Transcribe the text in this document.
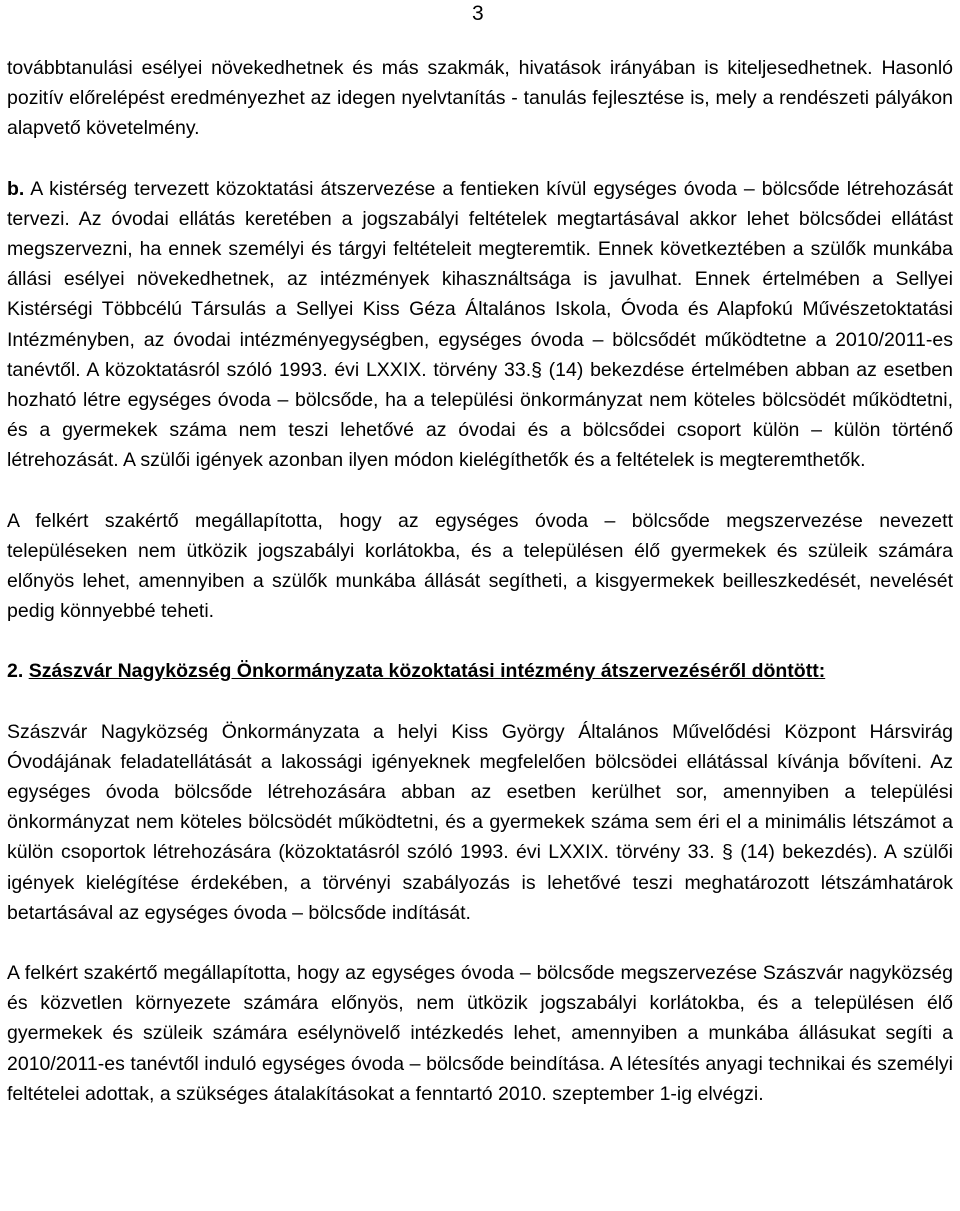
3

továbbtanulási esélyei növekedhetnek és más szakmák, hivatások irányában is kiteljesedhetnek. Hasonló pozitív előrelépést eredményezhet az idegen nyelvtanítás - tanulás fejlesztése is, mely a rendészeti pályákon alapvető követelmény.

b. A kistérség tervezett közoktatási átszervezése a fentieken kívül egységes óvoda – bölcsőde létrehozását tervezi. Az óvodai ellátás keretében a jogszabályi feltételek megtartásával akkor lehet bölcsődei ellátást megszervezni, ha ennek személyi és tárgyi feltételeit megteremtik. Ennek következtében a szülők munkába állási esélyei növekedhetnek, az intézmények kihasználtsága is javulhat. Ennek értelmében a Sellyei Kistérségi Többcélú Társulás a Sellyei Kiss Géza Általános Iskola, Óvoda és Alapfokú Művészetoktatási Intézményben, az óvodai intézményegységben, egységes óvoda – bölcsődét működtetne a 2010/2011-es tanévtől. A közoktatásról szóló 1993. évi LXXIX. törvény 33.§ (14) bekezdése értelmében abban az esetben hozható létre egységes óvoda – bölcsőde, ha a települési önkormányzat nem köteles bölcsödét működtetni, és a gyermekek száma nem teszi lehetővé az óvodai és a bölcsődei csoport külön – külön történő létrehozását. A szülői igények azonban ilyen módon kielégíthetők és a feltételek is megteremthetők.

A felkért szakértő megállapította, hogy az egységes óvoda – bölcsőde megszervezése nevezett településeken nem ütközik jogszabályi korlátokba, és a településen élő gyermekek és szüleik számára előnyös lehet, amennyiben a szülők munkába állását segítheti, a kisgyermekek beilleszkedését, nevelését pedig könnyebbé teheti.

2. Szászvár Nagyközség Önkormányzata közoktatási intézmény átszervezéséről döntött:

Szászvár Nagyközség Önkormányzata a helyi Kiss György Általános Művelődési Központ Hársvirág Óvodájának feladatellátását a lakossági igényeknek megfelelően bölcsödei ellátással kívánja bővíteni. Az egységes óvoda bölcsőde létrehozására abban az esetben kerülhet sor, amennyiben a települési önkormányzat nem köteles bölcsödét működtetni, és a gyermekek száma sem éri el a minimális létszámot a külön csoportok létrehozására (közoktatásról szóló 1993. évi LXXIX. törvény 33. § (14) bekezdés). A szülői igények kielégítése érdekében, a törvényi szabályozás is lehetővé teszi meghatározott létszámhatárok betartásával az egységes óvoda – bölcsőde indítását.

A felkért szakértő megállapította, hogy az egységes óvoda – bölcsőde megszervezése Szászvár nagyközség és közvetlen környezete számára előnyös, nem ütközik jogszabályi korlátokba, és a településen élő gyermekek és szüleik számára esélynövelő intézkedés lehet, amennyiben a munkába állásukat segíti a 2010/2011-es tanévtől induló egységes óvoda – bölcsőde beindítása. A létesítés anyagi technikai és személyi feltételei adottak, a szükséges átalakításokat a fenntartó 2010. szeptember 1-ig elvégzi.
